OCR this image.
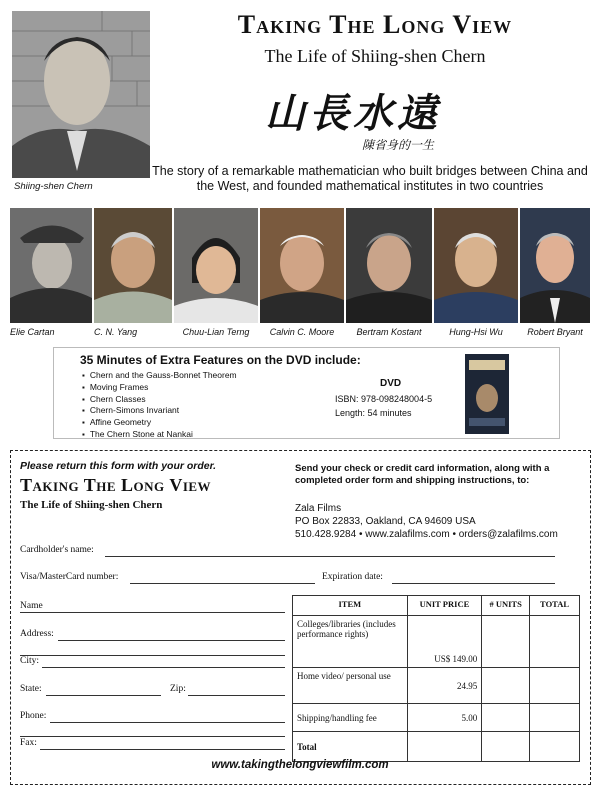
Shiing-shen Chern
Taking The Long View
The Life of Shiing-shen Chern
山長水遠
陳省身的一生
The story of a remarkable mathematician who built bridges between China and the West, and founded mathematical institutes in two countries
Elie Cartan	C. N. Yang	Chuu-Lian Terng	Calvin C. Moore	Bertram Kostant	Hung-Hsi Wu	Robert Bryant
35 Minutes of Extra Features on the DVD include:
▪ Chern and the Gauss-Bonnet Theorem
▪ Moving Frames
▪ Chern Classes
▪ Chern-Simons Invariant
▪ Affine Geometry
▪ The Chern Stone at Nankai
DVD
ISBN: 978-098248004-5
Length: 54 minutes
Please return this form with your order.
Taking The Long View
The Life of Shiing-shen Chern
Send your check or credit card information, along with a completed order form and shipping instructions, to:
Zala Films
PO Box 22833, Oakland, CA 94609 USA
510.428.9284 • www.zalafilms.com • orders@zalafilms.com
Cardholder's name:
Visa/MasterCard number:	Expiration date:
Name
Address:
City:
State:	Zip:
Phone:
Fax:
ITEM	UNIT PRICE	# UNITS	TOTAL
Colleges/libraries (includes performance rights)	US$ 149.00		
Home video/ personal use	24.95		
Shipping/handling fee	5.00		
Total			
www.takingthelongviewfilm.com
